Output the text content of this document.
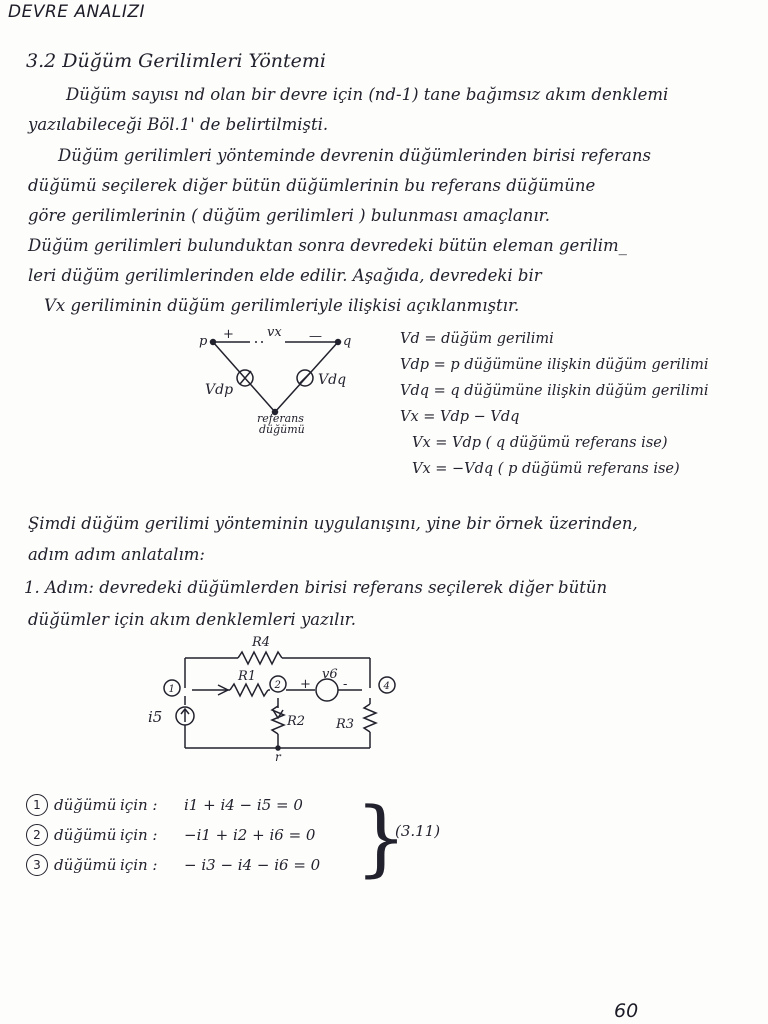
DEVRE ANALIZI
3.2 Düğüm Gerilimleri Yöntemi

Düğüm sayısı nd olan bir devre için (nd-1) tane bağımsız akım denklemi yazılabileceği Böl.1' de belirtilmişti.

Düğüm gerilimleri yönteminde devrenin düğümlerinden birisi referans
düğümü seçilerek diğer bütün düğümlerinin bu referans düğümüne
göre gerilimlerinin ( düğüm gerilimleri ) bulunması amaçlanır.
Düğüm gerilimleri bulunduktan sonra devredeki bütün eleman gerilim_
leri düğüm gerilimlerinden elde edilir. Aşağıda, devredeki bir
Vx geriliminin düğüm gerilimleriyle ilişkisi açıklanmıştır.
p	q
+	—
vx
Vdp
Vdq
referans
düğümü
Vd = düğüm gerilimi
Vdp = p düğümüne ilişkin düğüm gerilimi
Vdq = q düğümüne ilişkin düğüm gerilimi
Vx = Vdp − Vdq
Vx = Vdp ( q düğümü referans ise)
Vx = −Vdq ( p düğümü referans ise)
Şimdi düğüm gerilimi yönteminin uygulanışını, yine bir örnek üzerinden,
adım adım anlatalım:
1. Adım: devredeki düğümlerden birisi referans seçilerek diğer bütün
düğümler için akım denklemleri yazılır.
R4
R1
R2 R3
i5
v6
+ -
1	2	4
r
1 düğümü için :	i1 + i4 − i5 = 0
2 düğümü için :	−i1 + i2 + i6 = 0
3 düğümü için :	− i3 − i4 − i6 = 0 }
(3.11)
60
